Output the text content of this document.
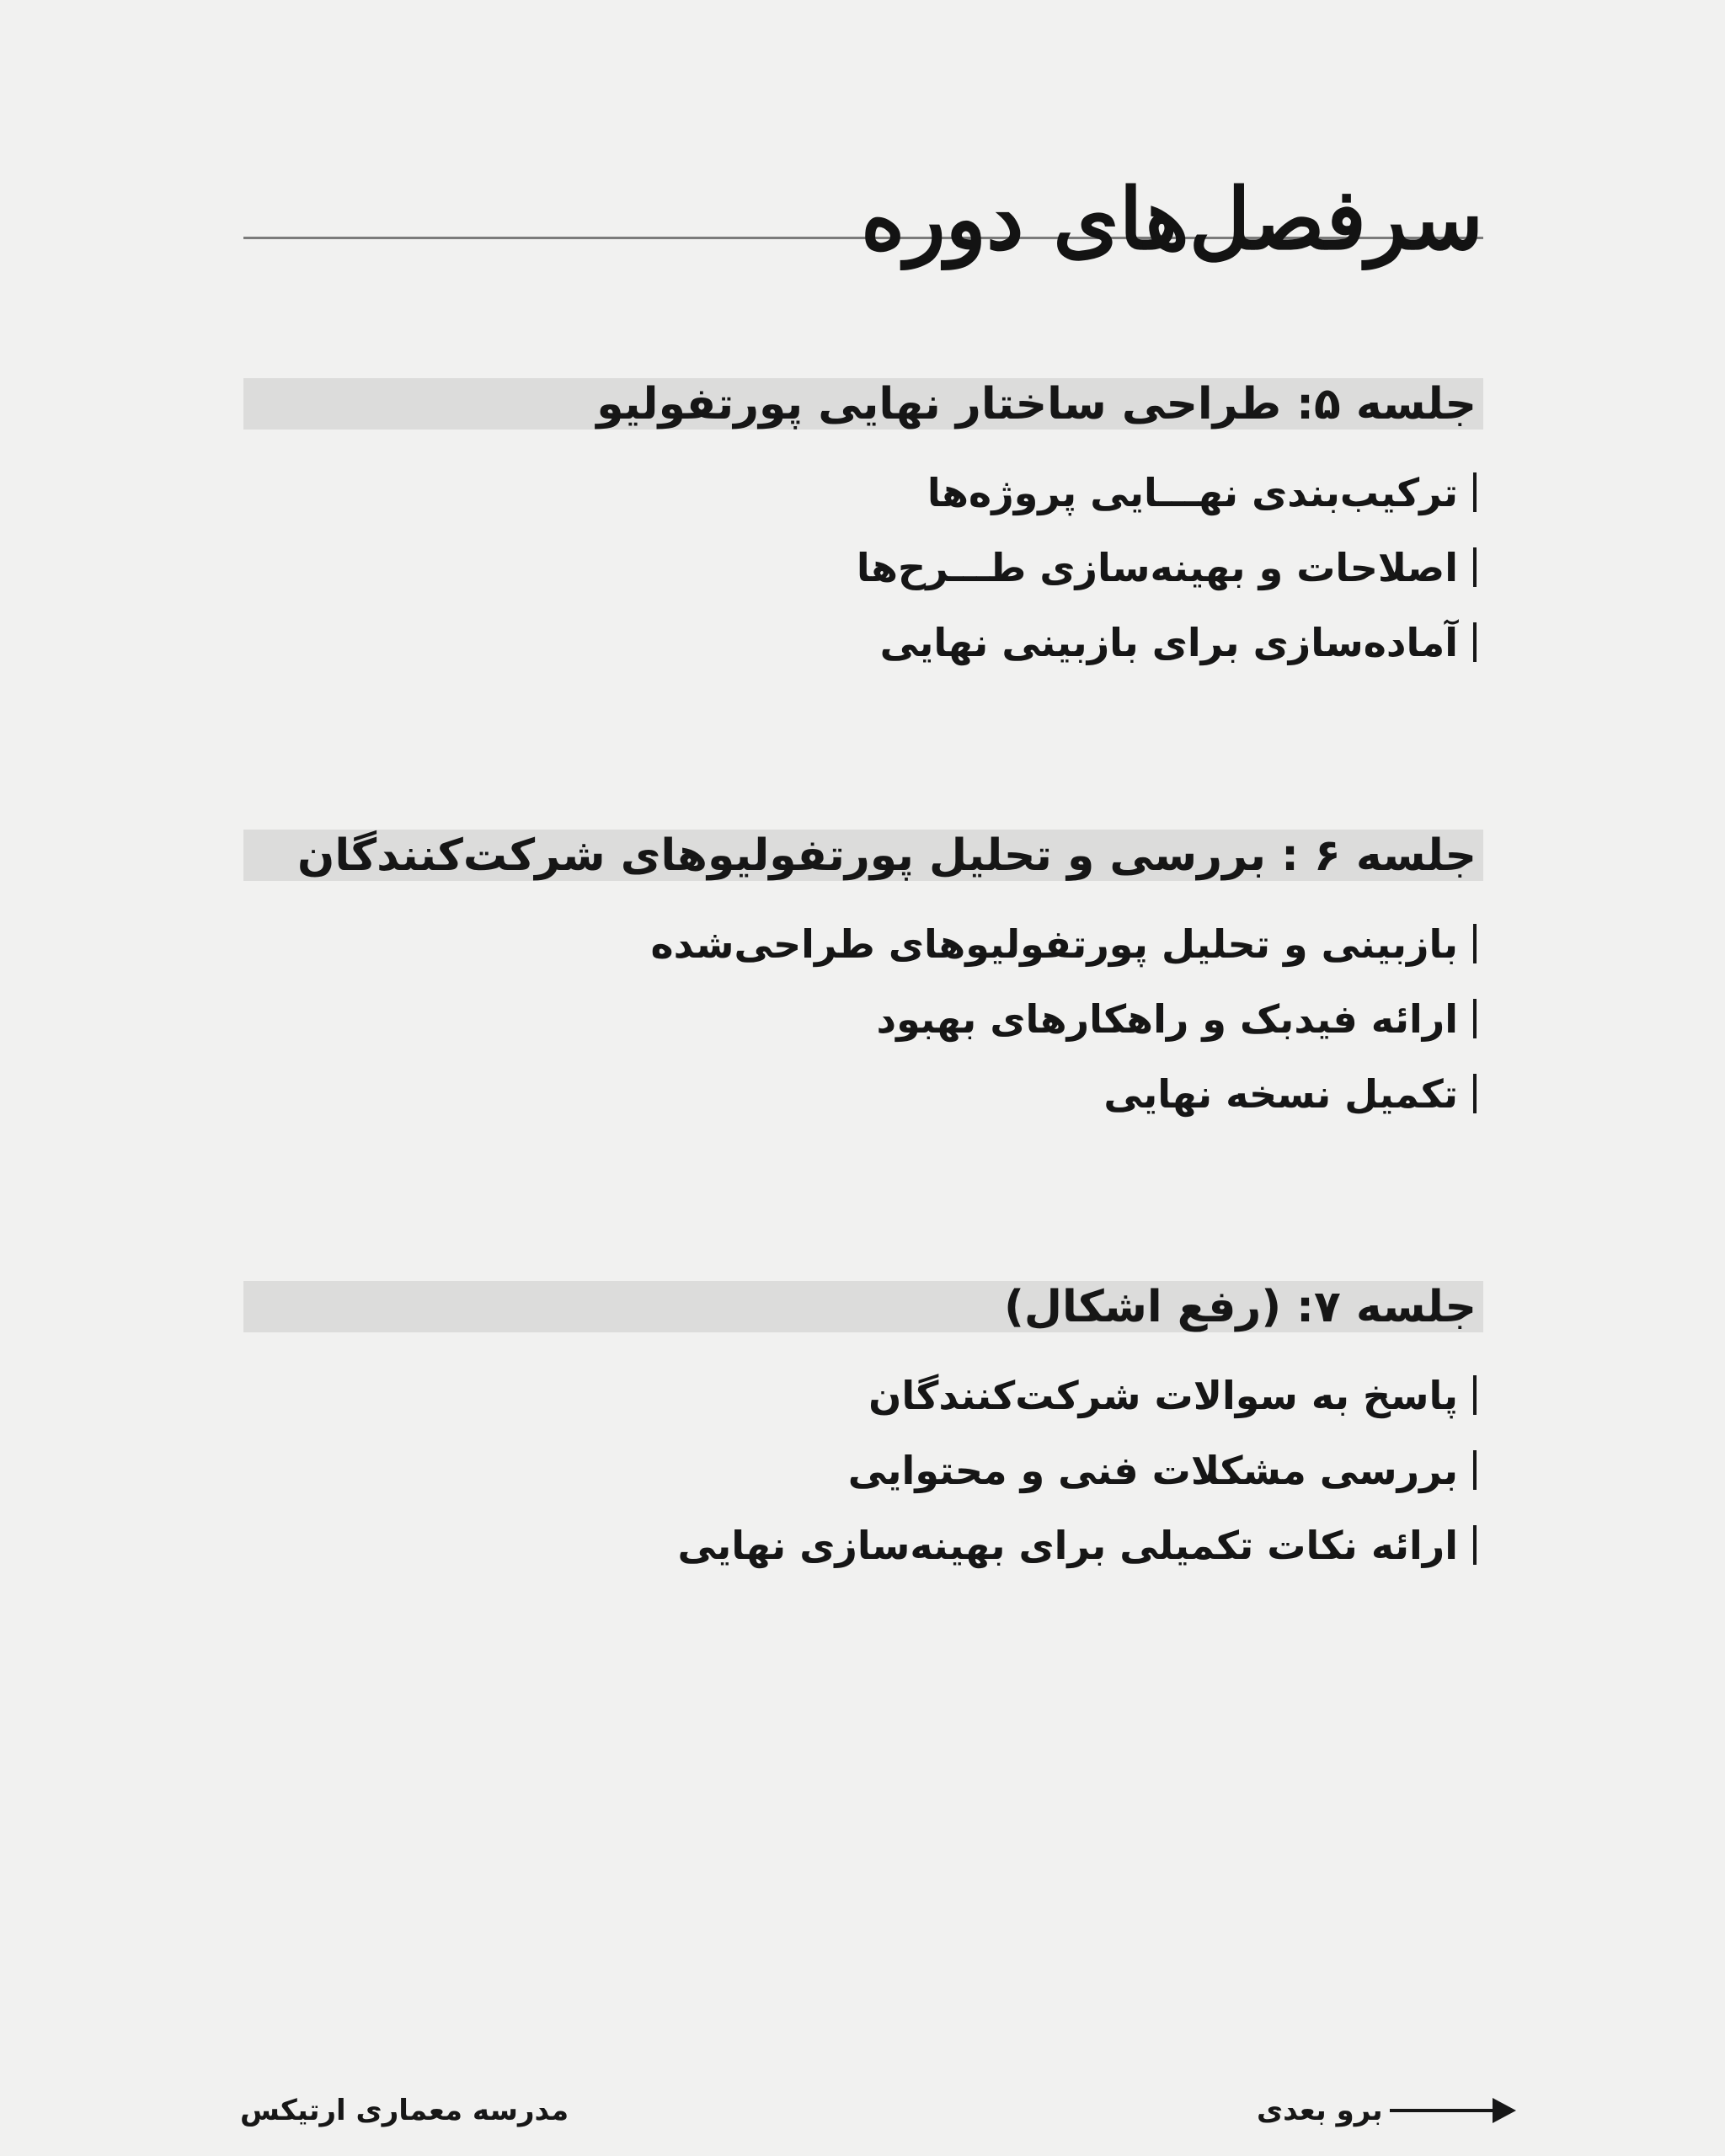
سرفصل‌های دوره
جلسه ۵: طراحی ساختار نهایی پورتفولیو
ترکیب‌بندی نهـــایی پروژه‌ها
اصلاحات و بهینه‌سازی طـــرح‌ها
آماده‌سازی برای بازبینی نهایی
جلسه ۶ : بررسی و تحلیل پورتفولیوهای شرکت‌کنندگان
بازبینی و تحلیل پورتفولیوهای طراحی‌شده
ارائه فیدبک و راهکارهای بهبود
تکمیل نسخه نهایی
جلسه ۷: (رفع اشکال)
پاسخ به سوالات شرکت‌کنندگان
بررسی مشکلات فنی و محتوایی
ارائه نکات تکمیلی برای بهینه‌سازی نهایی
مدرسه معماری ارتیکس	برو بعدی
